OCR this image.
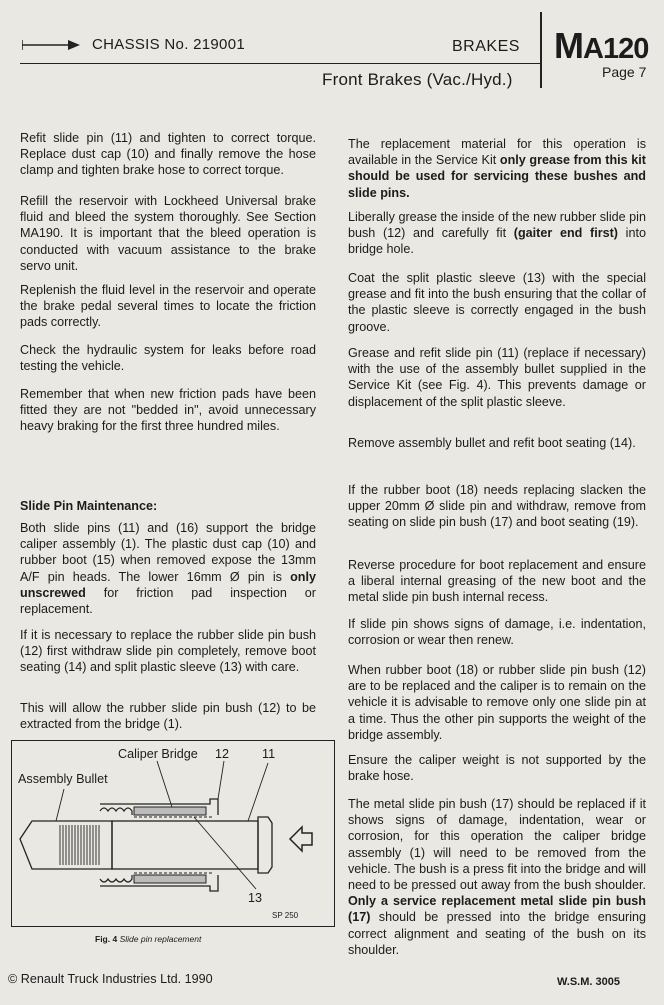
CHASSIS No. 219001	BRAKES MA120
Page 7
Front Brakes (Vac./Hyd.)

Refit slide pin (11) and tighten to correct torque. Replace dust cap (10) and finally remove the hose clamp and tighten brake hose to correct torque.

Refill the reservoir with Lockheed Universal brake fluid and bleed the system thoroughly. See Section MA190. It is important that the bleed operation is conducted with vacuum assistance to the brake servo unit.

Replenish the fluid level in the reservoir and operate the brake pedal several times to locate the friction pads correctly.

Check the hydraulic system for leaks before road testing the vehicle.

Remember that when new friction pads have been fitted they are not "bedded in", avoid unnecessary heavy braking for the first three hundred miles.

Slide Pin Maintenance:

Both slide pins (11) and (16) support the bridge caliper assembly (1). The plastic dust cap (10) and rubber boot (15) when removed expose the 13mm A/F pin heads. The lower 16mm Ø pin is only unscrewed for friction pad inspection or replacement.

If it is necessary to replace the rubber slide pin bush (12) first withdraw slide pin completely, remove boot seating (14) and split plastic sleeve (13) with care.

This will allow the rubber slide pin bush (12) to be extracted from the bridge (1).

Caliper Bridge 12	11
Assembly Bullet
13
SP 250
Fig. 4 Slide pin replacement

The replacement material for this operation is available in the Service Kit only grease from this kit should be used for servicing these bushes and slide pins.

Liberally grease the inside of the new rubber slide pin bush (12) and carefully fit (gaiter end first) into bridge hole.

Coat the split plastic sleeve (13) with the special grease and fit into the bush ensuring that the collar of the plastic sleeve is correctly engaged in the bush groove.

Grease and refit slide pin (11) (replace if necessary) with the use of the assembly bullet supplied in the Service Kit (see Fig. 4). This prevents damage or displacement of the split plastic sleeve.

Remove assembly bullet and refit boot seating (14).

If the rubber boot (18) needs replacing slacken the upper 20mm Ø slide pin and withdraw, remove from seating on slide pin bush (17) and boot seating (19).

Reverse procedure for boot replacement and ensure a liberal internal greasing of the new boot and the metal slide pin bush internal recess.

If slide pin shows signs of damage, i.e. indentation, corrosion or wear then renew.

When rubber boot (18) or rubber slide pin bush (12) are to be replaced and the caliper is to remain on the vehicle it is advisable to remove only one slide pin at a time. Thus the other pin supports the weight of the bridge assembly.

Ensure the caliper weight is not supported by the brake hose.

The metal slide pin bush (17) should be replaced if it shows signs of damage, indentation, wear or corrosion, for this operation the caliper bridge assembly (1) will need to be removed from the vehicle. The bush is a press fit into the bridge and will need to be pressed out away from the bush shoulder. Only a service replacement metal slide pin bush (17) should be pressed into the bridge ensuring correct alignment and seating of the bush on its shoulder.

© Renault Truck Industries Ltd. 1990	W.S.M. 3005
